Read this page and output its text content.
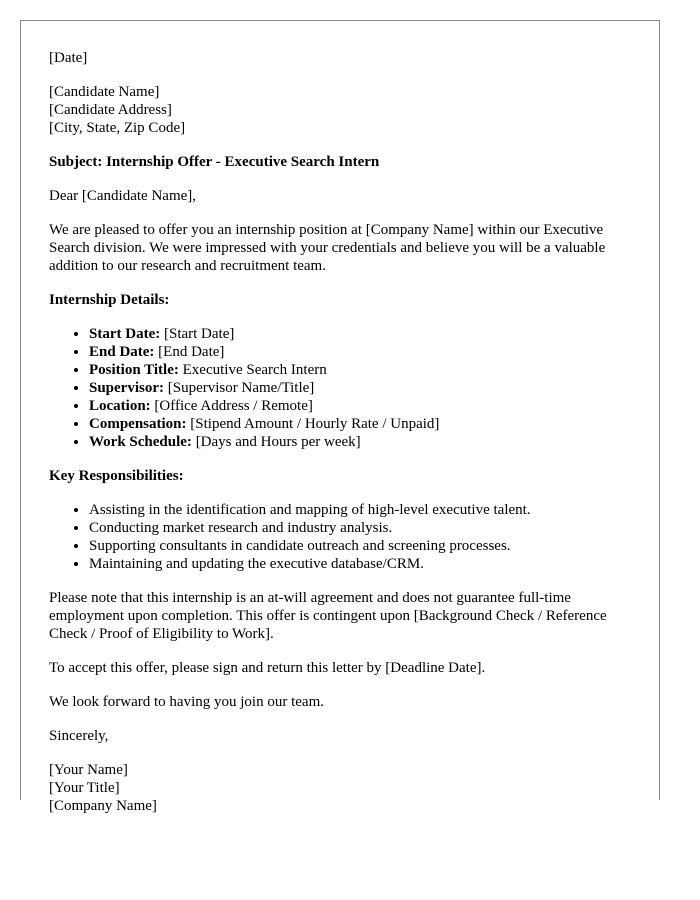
[Date]

[Candidate Name]
[Candidate Address]
[City, State, Zip Code]

Subject: Internship Offer - Executive Search Intern

Dear [Candidate Name],

We are pleased to offer you an internship position at [Company Name] within our Executive Search division. We were impressed with your credentials and believe you will be a valuable addition to our research and recruitment team.

Internship Details:

• Start Date: [Start Date]
• End Date: [End Date]
• Position Title: Executive Search Intern
• Supervisor: [Supervisor Name/Title]
• Location: [Office Address / Remote]
• Compensation: [Stipend Amount / Hourly Rate / Unpaid]
• Work Schedule: [Days and Hours per week]

Key Responsibilities:

• Assisting in the identification and mapping of high-level executive talent.
• Conducting market research and industry analysis.
• Supporting consultants in candidate outreach and screening processes.
• Maintaining and updating the executive database/CRM.

Please note that this internship is an at-will agreement and does not guarantee full-time employment upon completion. This offer is contingent upon [Background Check / Reference Check / Proof of Eligibility to Work].

To accept this offer, please sign and return this letter by [Deadline Date].

We look forward to having you join our team.

Sincerely,

[Your Name]
[Your Title]
[Company Name]
